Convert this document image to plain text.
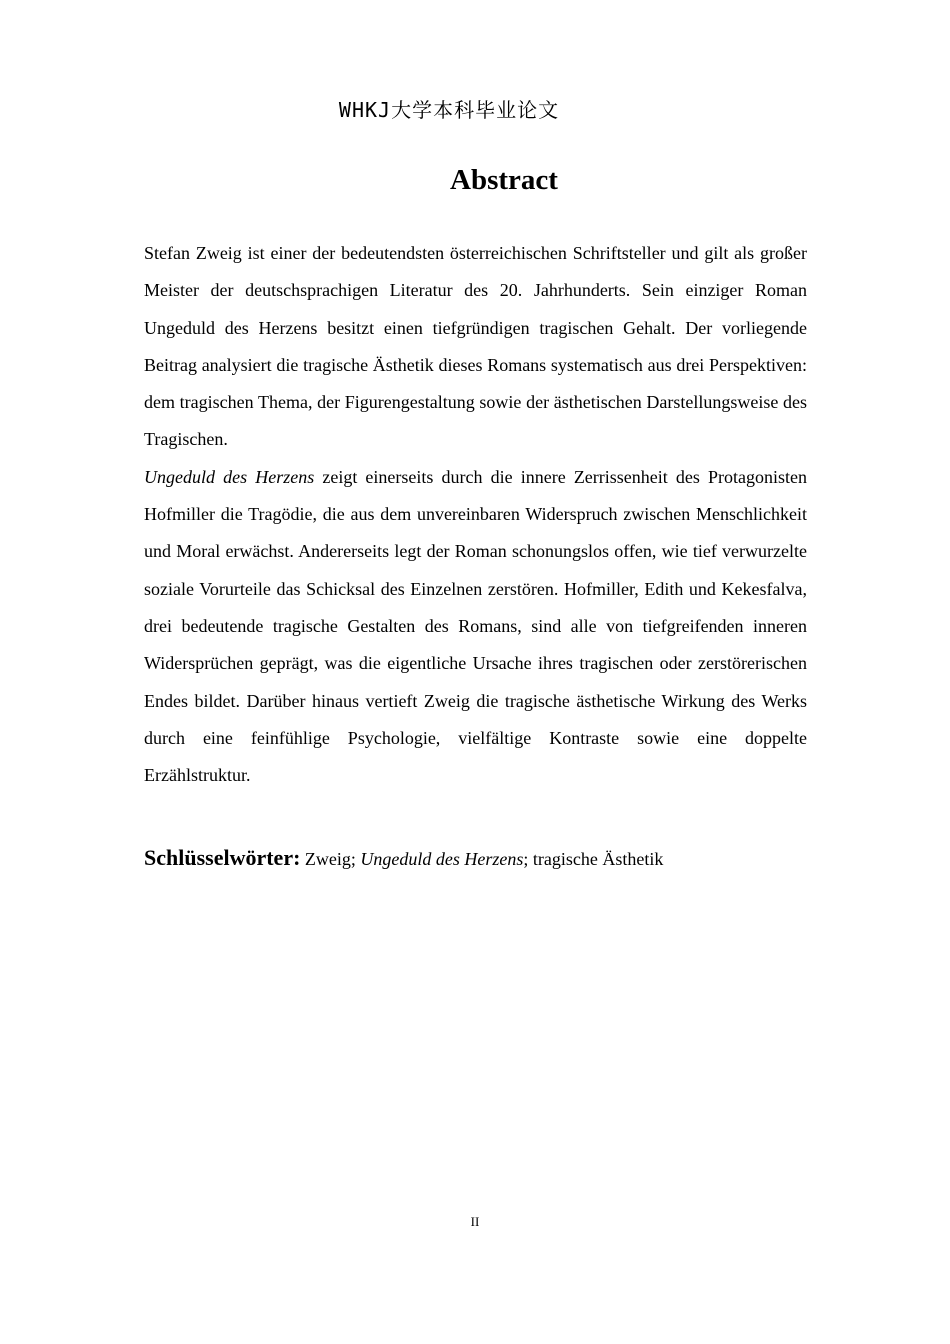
WHKJ大学本科毕业论文
Abstract

Stefan Zweig ist einer der bedeutendsten österreichischen Schriftsteller und gilt als großer Meister der deutschsprachigen Literatur des 20. Jahrhunderts. Sein einziger Roman Ungeduld des Herzens besitzt einen tiefgründigen tragischen Gehalt. Der vorliegende Beitrag analysiert die tragische Ästhetik dieses Romans systematisch aus drei Perspektiven: dem tragischen Thema, der Figurengestaltung sowie der ästhetischen Darstellungsweise des Tragischen.

Ungeduld des Herzens zeigt einerseits durch die innere Zerrissenheit des Protagonisten Hofmiller die Tragödie, die aus dem unvereinbaren Widerspruch zwischen Menschlichkeit und Moral erwächst. Andererseits legt der Roman schonungslos offen, wie tief verwurzelte soziale Vorurteile das Schicksal des Einzelnen zerstören. Hofmiller, Edith und Kekesfalva, drei bedeutende tragische Gestalten des Romans, sind alle von tiefgreifenden inneren Widersprüchen geprägt, was die eigentliche Ursache ihres tragischen oder zerstörerischen Endes bildet. Darüber hinaus vertieft Zweig die tragische ästhetische Wirkung des Werks durch eine feinfühlige Psychologie, vielfältige Kontraste sowie eine doppelte Erzählstruktur.

Schlüsselwörter: Zweig; Ungeduld des Herzens; tragische Ästhetik
II
